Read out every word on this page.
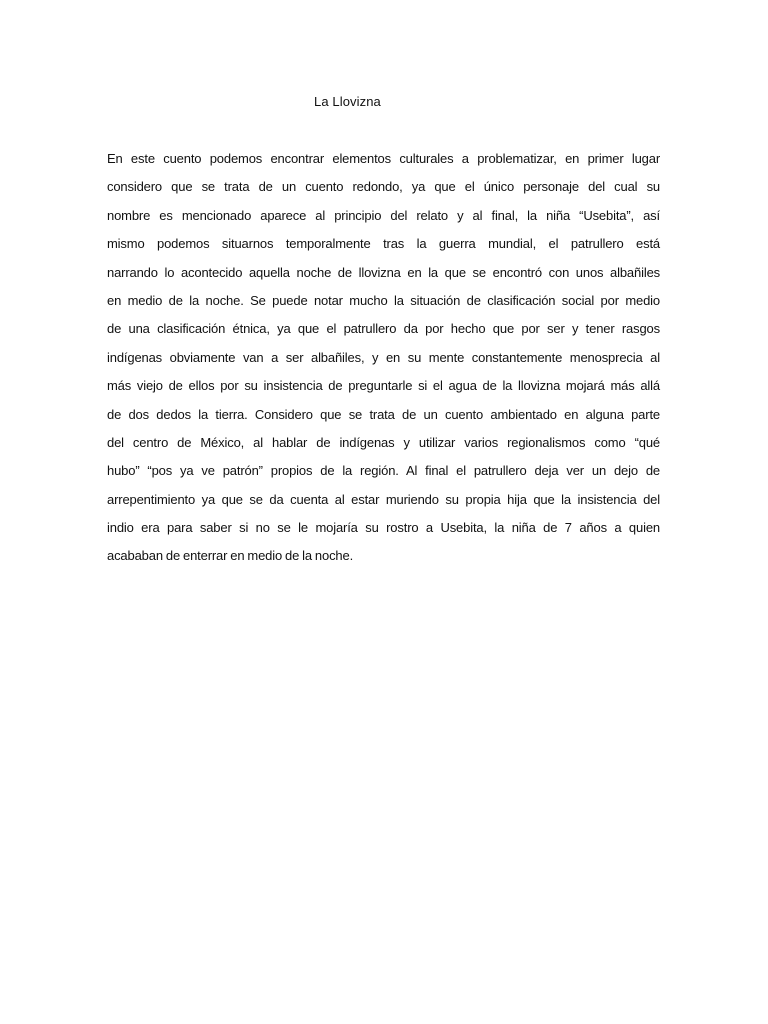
La Llovizna
En este cuento podemos encontrar elementos culturales a problematizar, en primer lugar
considero que se trata de un cuento redondo, ya que el único personaje del cual su
nombre es mencionado aparece al principio del relato y al final, la niña “Usebita”, así
mismo podemos situarnos temporalmente tras la guerra mundial, el patrullero está
narrando lo acontecido aquella noche de llovizna en la que se encontró con unos albañiles
en medio de la noche. Se puede notar mucho la situación de clasificación social por medio
de una clasificación étnica, ya que el patrullero da por hecho que por ser y tener rasgos
indígenas obviamente van a ser albañiles, y en su mente constantemente menosprecia al
más viejo de ellos por su insistencia de preguntarle si el agua de la llovizna mojará más allá
de dos dedos la tierra. Considero que se trata de un cuento ambientado en alguna parte
del centro de México, al hablar de indígenas y utilizar varios regionalismos como “qué
hubo” “pos ya ve patrón” propios de la región. Al final el patrullero deja ver un dejo de
arrepentimiento ya que se da cuenta al estar muriendo su propia hija que la insistencia del
indio era para saber si no se le mojaría su rostro a Usebita, la niña de 7 años a quien
acababan de enterrar en medio de la noche.
